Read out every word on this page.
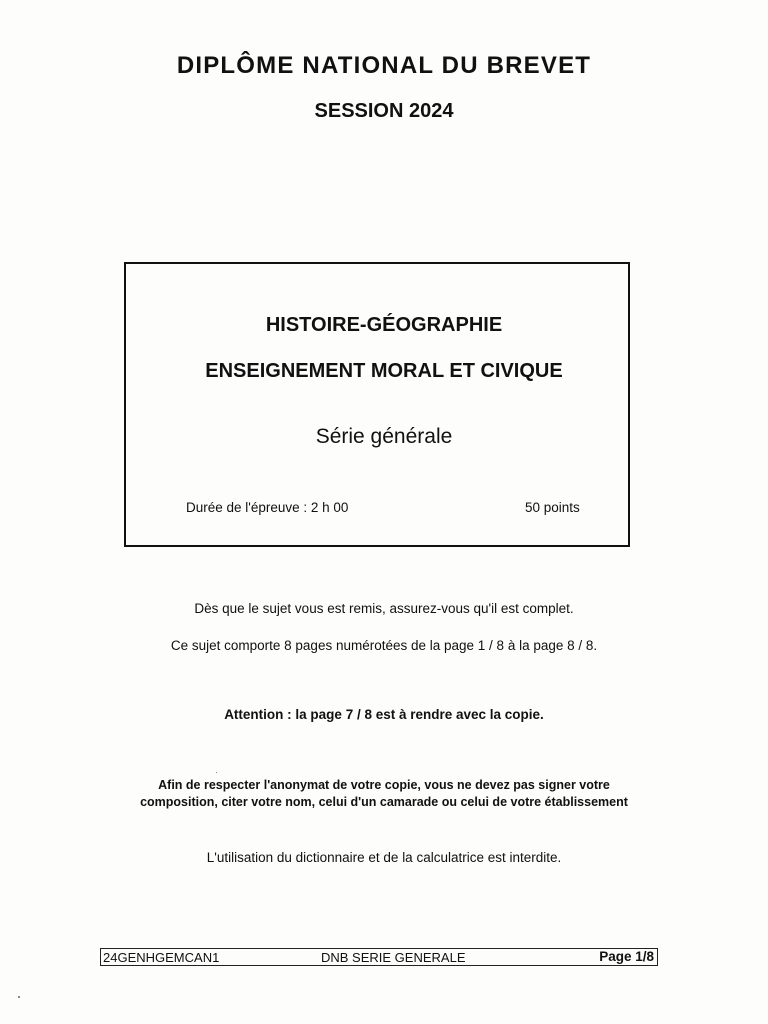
DIPLÔME NATIONAL DU BREVET
SESSION 2024
HISTOIRE-GÉOGRAPHIE
ENSEIGNEMENT MORAL ET CIVIQUE
Série générale
Durée de l'épreuve : 2 h 00	50 points
Dès que le sujet vous est remis, assurez-vous qu'il est complet.
Ce sujet comporte 8 pages numérotées de la page 1 / 8 à la page 8 / 8.
Attention : la page 7 / 8 est à rendre avec la copie.
Afin de respecter l'anonymat de votre copie, vous ne devez pas signer votre
composition, citer votre nom, celui d'un camarade ou celui de votre établissement
L'utilisation du dictionnaire et de la calculatrice est interdite.
24GENHGEMCAN1	DNB SERIE GENERALE	Page 1/8
